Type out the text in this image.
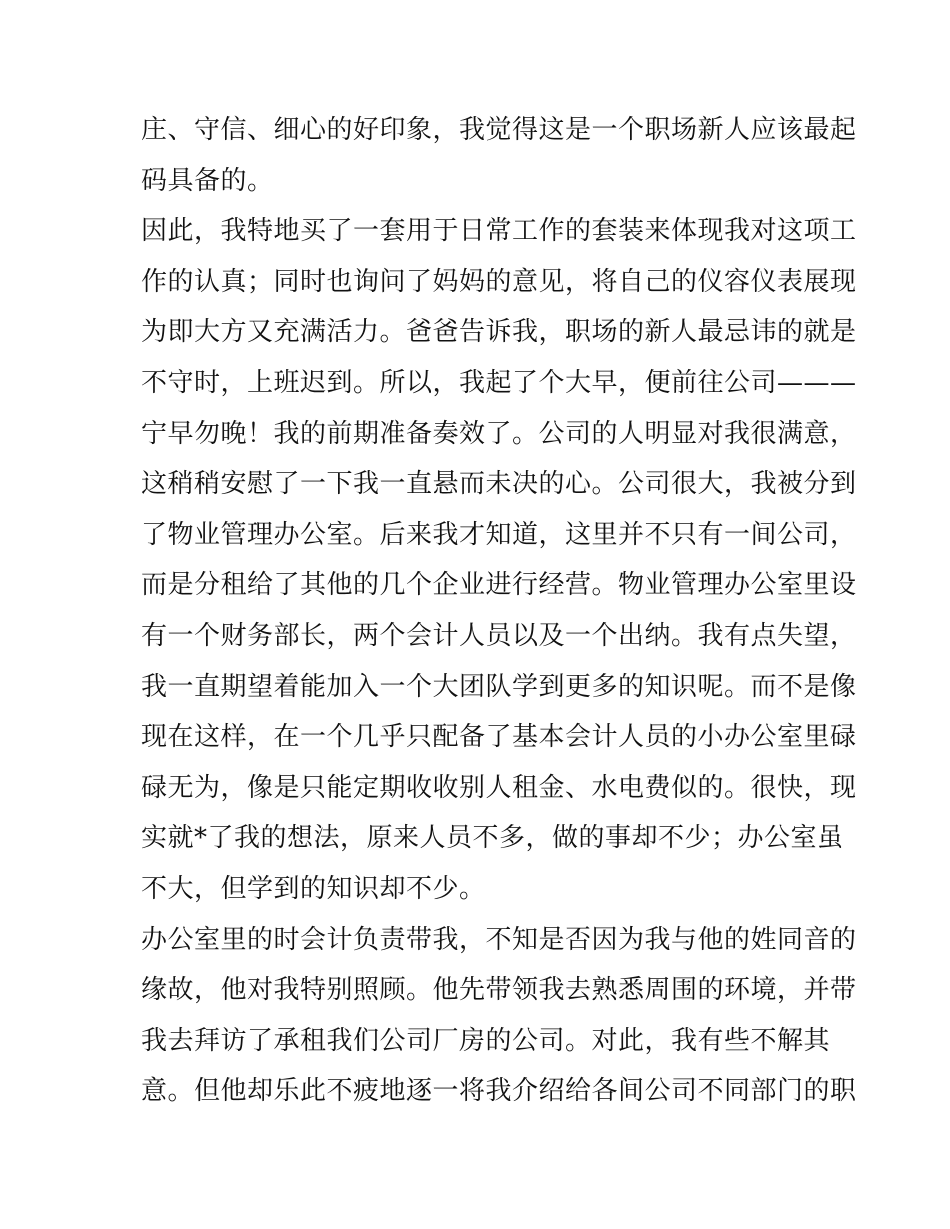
庄、守信、细心的好印象，我觉得这是一个职场新人应该最起
码具备的。
因此，我特地买了一套用于日常工作的套装来体现我对这项工
作的认真；同时也询问了妈妈的意见，将自己的仪容仪表展现
为即大方又充满活力。爸爸告诉我，职场的新人最忌讳的就是
不守时，上班迟到。所以，我起了个大早，便前往公司———
宁早勿晚！我的前期准备奏效了。公司的人明显对我很满意，
这稍稍安慰了一下我一直悬而未决的心。公司很大，我被分到
了物业管理办公室。后来我才知道，这里并不只有一间公司，
而是分租给了其他的几个企业进行经营。物业管理办公室里设
有一个财务部长，两个会计人员以及一个出纳。我有点失望，
我一直期望着能加入一个大团队学到更多的知识呢。而不是像
现在这样，在一个几乎只配备了基本会计人员的小办公室里碌
碌无为，像是只能定期收收别人租金、水电费似的。很快，现
实就*了我的想法，原来人员不多，做的事却不少；办公室虽
不大，但学到的知识却不少。
办公室里的时会计负责带我，不知是否因为我与他的姓同音的
缘故，他对我特别照顾。他先带领我去熟悉周围的环境，并带
我去拜访了承租我们公司厂房的公司。对此，我有些不解其
意。但他却乐此不疲地逐一将我介绍给各间公司不同部门的职
